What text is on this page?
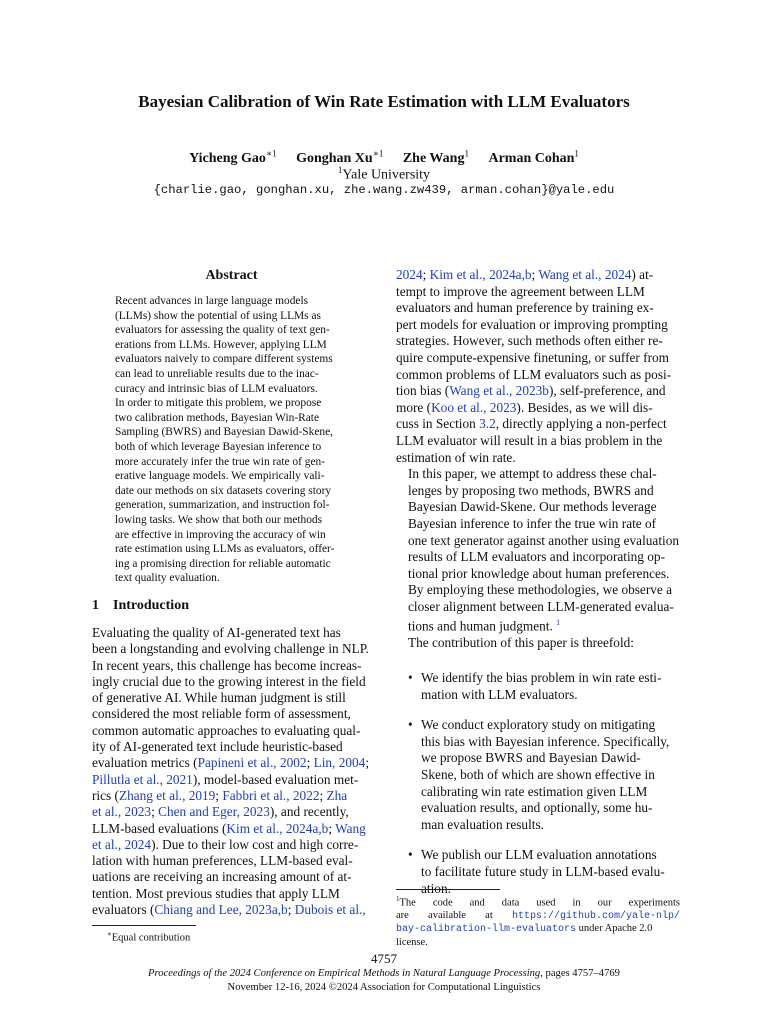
Bayesian Calibration of Win Rate Estimation with LLM Evaluators
Yicheng Gao$^{∗1}$ Gonghan $Xu^{∗1}$ Zhe Wang$^1$ Arman Cohan$^1$
$^1$Yale University
{charlie.gao, gonghan.xu, zhe.wang.zw439, arman.cohan}@yale.edu
Abstract
Recent advances in large language models
(LLMs) show the potential of using LLMs as
evaluators for assessing the quality of text gen-
erations from LLMs. However, applying LLM
evaluators naively to compare different systems
can lead to unreliable results due to the inac-
curacy and intrinsic bias of LLM evaluators.
In order to mitigate this problem, we propose
two calibration methods, Bayesian Win-Rate
Sampling (BWRS) and Bayesian Dawid-Skene,
both of which leverage Bayesian inference to
more accurately infer the true win rate of gen-
erative language models. We empirically vali-
date our methods on six datasets covering story
generation, summarization, and instruction fol-
lowing tasks. We show that both our methods
are effective in improving the accuracy of win
rate estimation using LLMs as evaluators, offer-
ing a promising direction for reliable automatic
text quality evaluation.
1 Introduction
Evaluating the quality of AI-generated text has
been a longstanding and evolving challenge in NLP.
In recent years, this challenge has become increas-
ingly crucial due to the growing interest in the field
of generative AI. While human judgment is still
considered the most reliable form of assessment,
common automatic approaches to evaluating qual-
ity of AI-generated text include heuristic-based
evaluation metrics (Papineni et al., 2002; Lin, 2004;
Pillutla et al., 2021), model-based evaluation met-
rics (Zhang et al., 2019; Fabbri et al., 2022; Zha
et al., 2023; Chen and Eger, 2023), and recently,
LLM-based evaluations (Kim et al., 2024a,b; Wang
et al., 2024). Due to their low cost and high corre-
lation with human preferences, LLM-based eval-
uations are receiving an increasing amount of at-
tention. Most previous studies that apply LLM
evaluators (Chiang and Lee, 2023a,b; Dubois et al.,
2024; Kim et al., 2024a,b; Wang et al., 2024) at-
tempt to improve the agreement between LLM
evaluators and human preference by training ex-
pert models for evaluation or improving prompting
strategies. However, such methods often either re-
quire compute-expensive finetuning, or suffer from
common problems of LLM evaluators such as posi-
tion bias (Wang et al., 2023b), self-preference, and
more (Koo et al., 2023). Besides, as we will dis-
cuss in Section 3.2, directly applying a non-perfect
LLM evaluator will result in a bias problem in the
estimation of win rate.
In this paper, we attempt to address these chal-
lenges by proposing two methods, BWRS and
Bayesian Dawid-Skene. Our methods leverage
Bayesian inference to infer the true win rate of
one text generator against another using evaluation
results of LLM evaluators and incorporating op-
tional prior knowledge about human preferences.
By employing these methodologies, we observe a
closer alignment between LLM-generated evalua-
tions and human judgment. $^1$
The contribution of this paper is threefold:
• We identify the bias problem in win rate esti-
mation with LLM evaluators.
• We conduct exploratory study on mitigating
this bias with Bayesian inference. Specifically,
we propose BWRS and Bayesian Dawid-
Skene, both of which are shown effective in
calibrating win rate estimation given LLM
evaluation results, and optionally, some hu-
man evaluation results.
• We publish our LLM evaluation annotations
to facilitate future study in LLM-based evalu-
ation.
∗Equal contribution
$^1$The code and data used in our experiments
are available at https://github.com/yale-nlp/
bay-calibration-llm-evaluators under Apache 2.0
license.
4757
Proceedings of the 2024 Conference on Empirical Methods in Natural Language Processing, pages 4757–4769
November 12-16, 2024 ©2024 Association for Computational Linguistics
